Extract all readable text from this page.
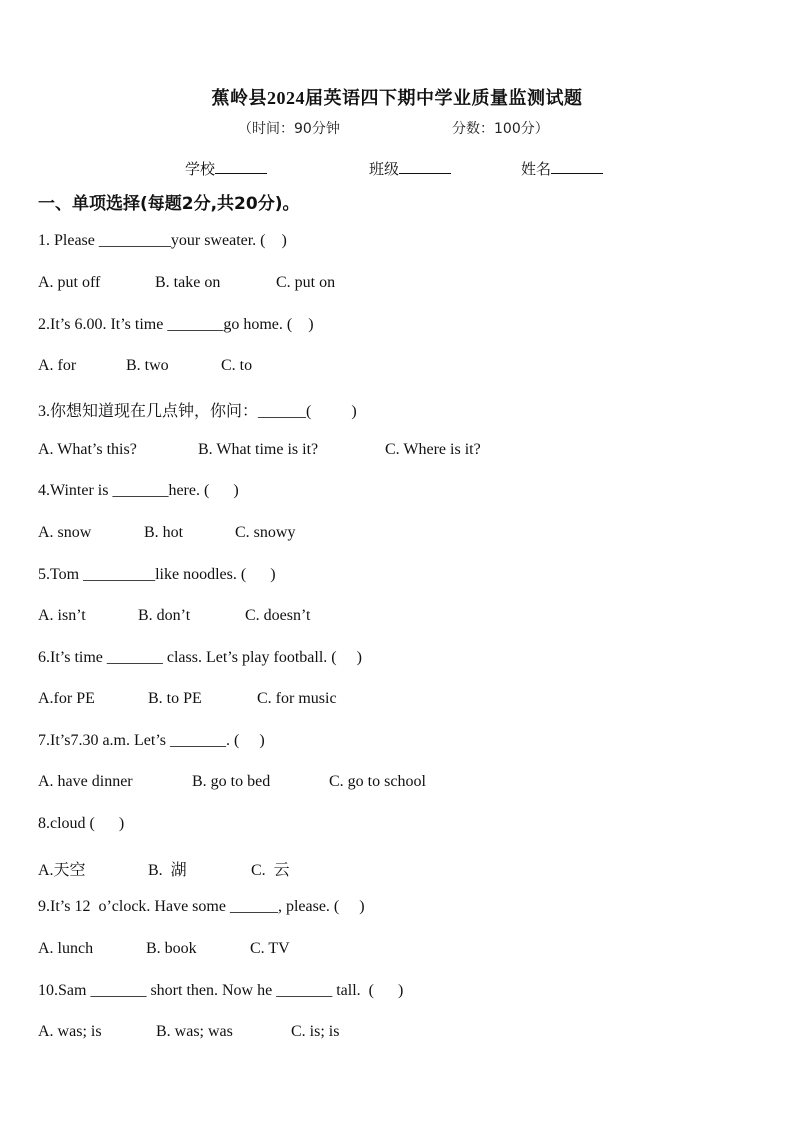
蕉岭县2024届英语四下期中学业质量监测试题
（时间：90分钟	分数：100分）
学校	班级	姓名
一、单项选择(每题2分,共20分)。
1. Please _________your sweater. (    )
A. put off	B. take on	C. put on
2.It’s 6.00. It’s time _______go home. (    )
A. for	B. two	C. to
3.你想知道现在几点钟，你问：______(          )
A. What’s this?	B. What time is it?	C. Where is it?
4.Winter is _______here. (      )
A. snow	B. hot	C. snowy
5.Tom _________like noodles. (      )
A. isn’t	B. don’t	C. doesn’t
6.It’s time _______ class. Let’s play football. (     )
A.for PE	B. to PE	C. for music
7.It’s7.30 a.m. Let’s _______. (     )
A. have dinner	B. go to bed	C. go to school
8.cloud (      )
A.天空	B.  湖	C.  云
9.It’s 12  o’clock. Have some ______, please. (     )
A. lunch	B. book	C. TV
10.Sam _______ short then. Now he _______ tall.  (      )
A. was; is	B. was; was	C. is; is
